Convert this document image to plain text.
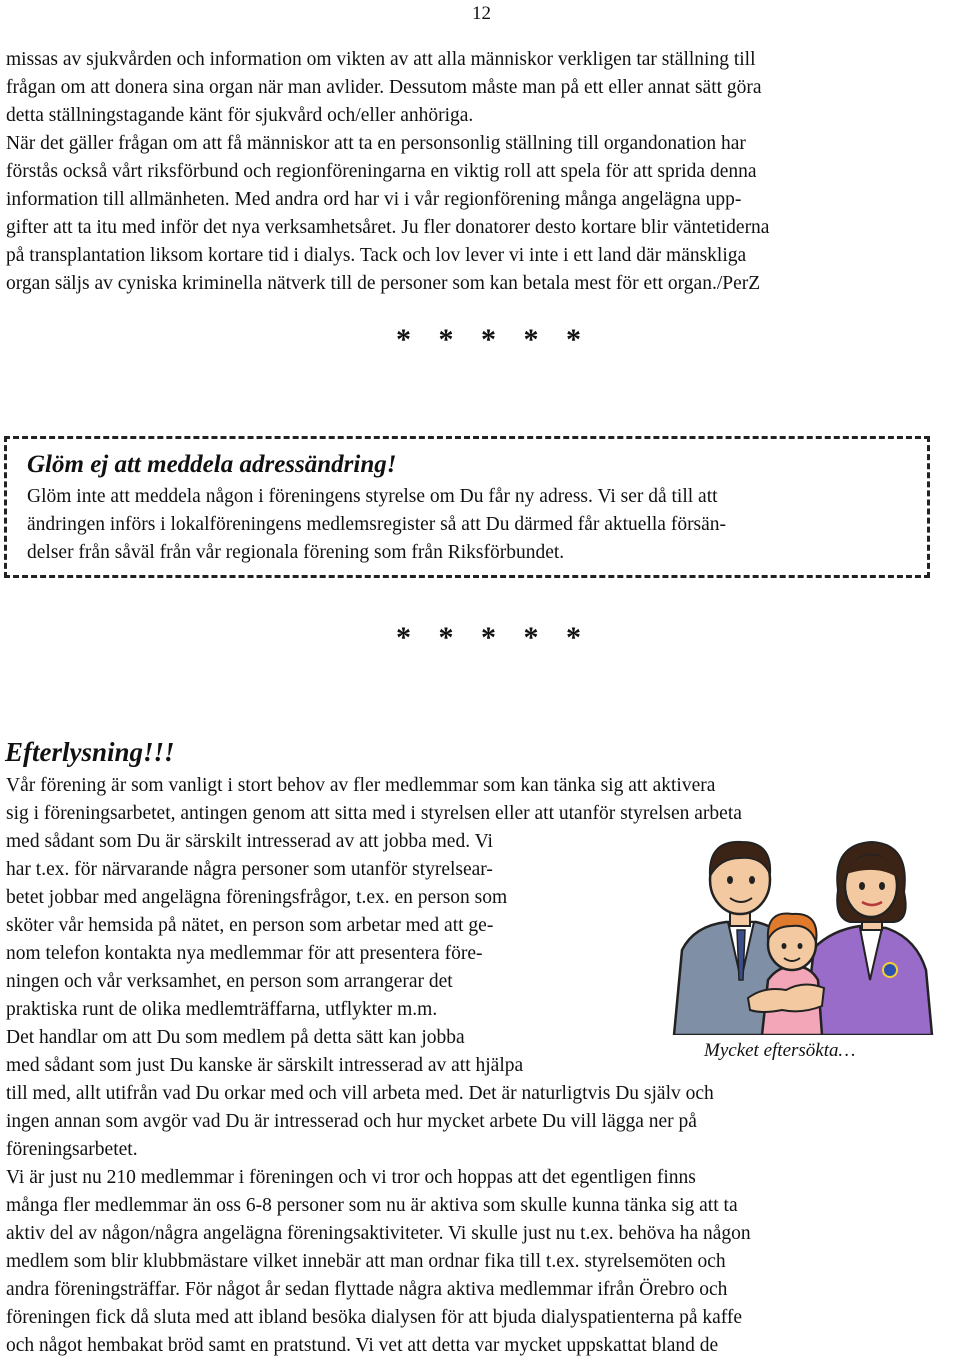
12
missas av sjukvården och information om vikten av att alla människor verkligen tar ställning till
frågan om att donera sina organ när man avlider. Dessutom måste man på ett eller annat sätt göra
detta ställningstagande känt för sjukvård och/eller anhöriga.
När det gäller frågan om att få människor att ta en personsonlig ställning till organdonation har
förstås också vårt riksförbund och regionföreningarna en viktig roll att spela för att sprida denna
information till allmänheten. Med andra ord har vi i vår regionförening många angelägna upp-
gifter att ta itu med inför det nya verksamhetsåret. Ju fler donatorer desto kortare blir väntetiderna
på transplantation liksom kortare tid i dialys. Tack och lov lever vi inte i ett land där mänskliga
organ säljs av cyniska kriminella nätverk till de personer som kan betala mest för ett organ./PerZ
* * * * *
Glöm ej att meddela adressändring!
Glöm inte att meddela någon i föreningens styrelse om Du får ny adress. Vi ser då till att
ändringen införs i lokalföreningens medlemsregister så att Du därmed får aktuella försän-
delser från såväl från vår regionala förening som från Riksförbundet.
* * * * *
Efterlysning!!!
Vår förening är som vanligt i stort behov av fler medlemmar som kan tänka sig att aktivera
sig i föreningsarbetet, antingen genom att sitta med i styrelsen eller att utanför styrelsen arbeta
med sådant som Du är särskilt intresserad av att jobba med. Vi
har t.ex. för närvarande några personer som utanför styrelsear-
betet jobbar med angelägna föreningsfrågor, t.ex. en person som
sköter vår hemsida på nätet, en person som arbetar med att ge-
nom telefon kontakta nya medlemmar för att presentera före-
ningen och vår verksamhet, en person som arrangerar det
praktiska runt de olika medlemträffarna, utflykter m.m.
Det handlar om att Du som medlem på detta sätt kan jobba
med sådant som just Du kanske är särskilt intresserad av att hjälpa
till med, allt utifrån vad Du orkar med och vill arbeta med. Det är naturligtvis Du själv och
ingen annan som avgör vad Du är intresserad och hur mycket arbete Du vill lägga ner på
föreningsarbetet.
Vi är just nu 210 medlemmar i föreningen och vi tror och hoppas att det egentligen finns
många fler medlemmar än oss 6-8 personer som nu är aktiva som skulle kunna tänka sig att ta
aktiv del av någon/några angelägna föreningsaktiviteter. Vi skulle just nu t.ex. behöva ha någon
medlem som blir klubbmästare vilket innebär att man ordnar fika till t.ex. styrelsemöten och
andra föreningsträffar. För något år sedan flyttade några aktiva medlemmar ifrån Örebro och
föreningen fick då sluta med att ibland besöka dialysen för att bjuda dialyspatienterna på kaffe
och något hembakat bröd samt en pratstund. Vi vet att detta var mycket uppskattat bland de
Mycket eftersökta…
